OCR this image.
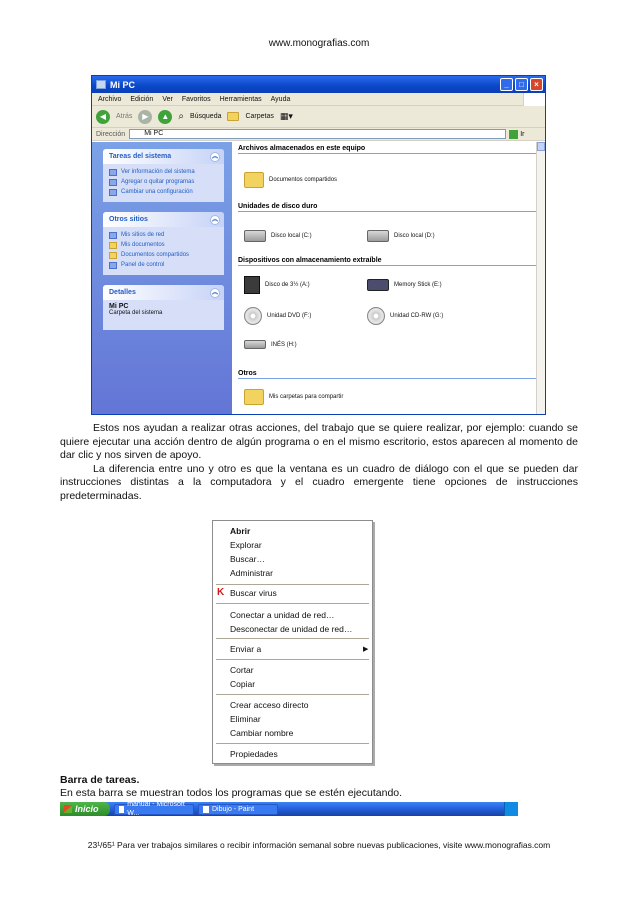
www.monografias.com
Mi PC	_	□	×
Archivo Edición Ver Favoritos Herramientas Ayuda
◀	Atrás	▶	▲ ⌕ Búsqueda	Carpetas ▦▾
Dirección	Mi PC	Ir
Tareas del sistema	︽
Ver información del sistema
Agregar o quitar programas
Cambiar una configuración
Otros sitios	︽
Mis sitios de red
Mis documentos
Documentos compartidos
Panel de control
Detalles	︽
Mi PC
Carpeta del sistema
Archivos almacenados en este equipo
Documentos compartidos
Unidades de disco duro
Disco local (C:)	Disco local (D:)
Dispositivos con almacenamiento extraíble
Disco de 3½ (A:)	Memory Stick (E:)
Unidad DVD (F:)	Unidad CD-RW (G:)
INÉS (H:)
Otros
Mis carpetas para compartir

Estos nos ayudan a realizar otras acciones, del trabajo que se quiere realizar, por ejemplo: cuando se quiere ejecutar una acción dentro de algún programa o en el mismo escritorio, estos aparecen al momento de dar clic y nos sirven de apoyo.

La diferencia entre uno y otro es que la ventana es un cuadro de diálogo con el que se pueden dar instrucciones distintas a la computadora y el cuadro emergente tiene opciones de instrucciones predeterminadas.

Abrir
Explorar
Buscar…
Administrar
K Buscar virus
Conectar a unidad de red…
Desconectar de unidad de red…
Enviar a	▶
Cortar
Copiar
Crear acceso directo
Eliminar
Cambiar nombre
Propiedades
Barra de tareas.
En esta barra se muestran todos los programas que se estén ejecutando.
Inicio	manual - Microsoft W...
Dibujo - Paint
23¹/65¹ Para ver trabajos similares o recibir información semanal sobre nuevas publicaciones, visite www.monografias.com
